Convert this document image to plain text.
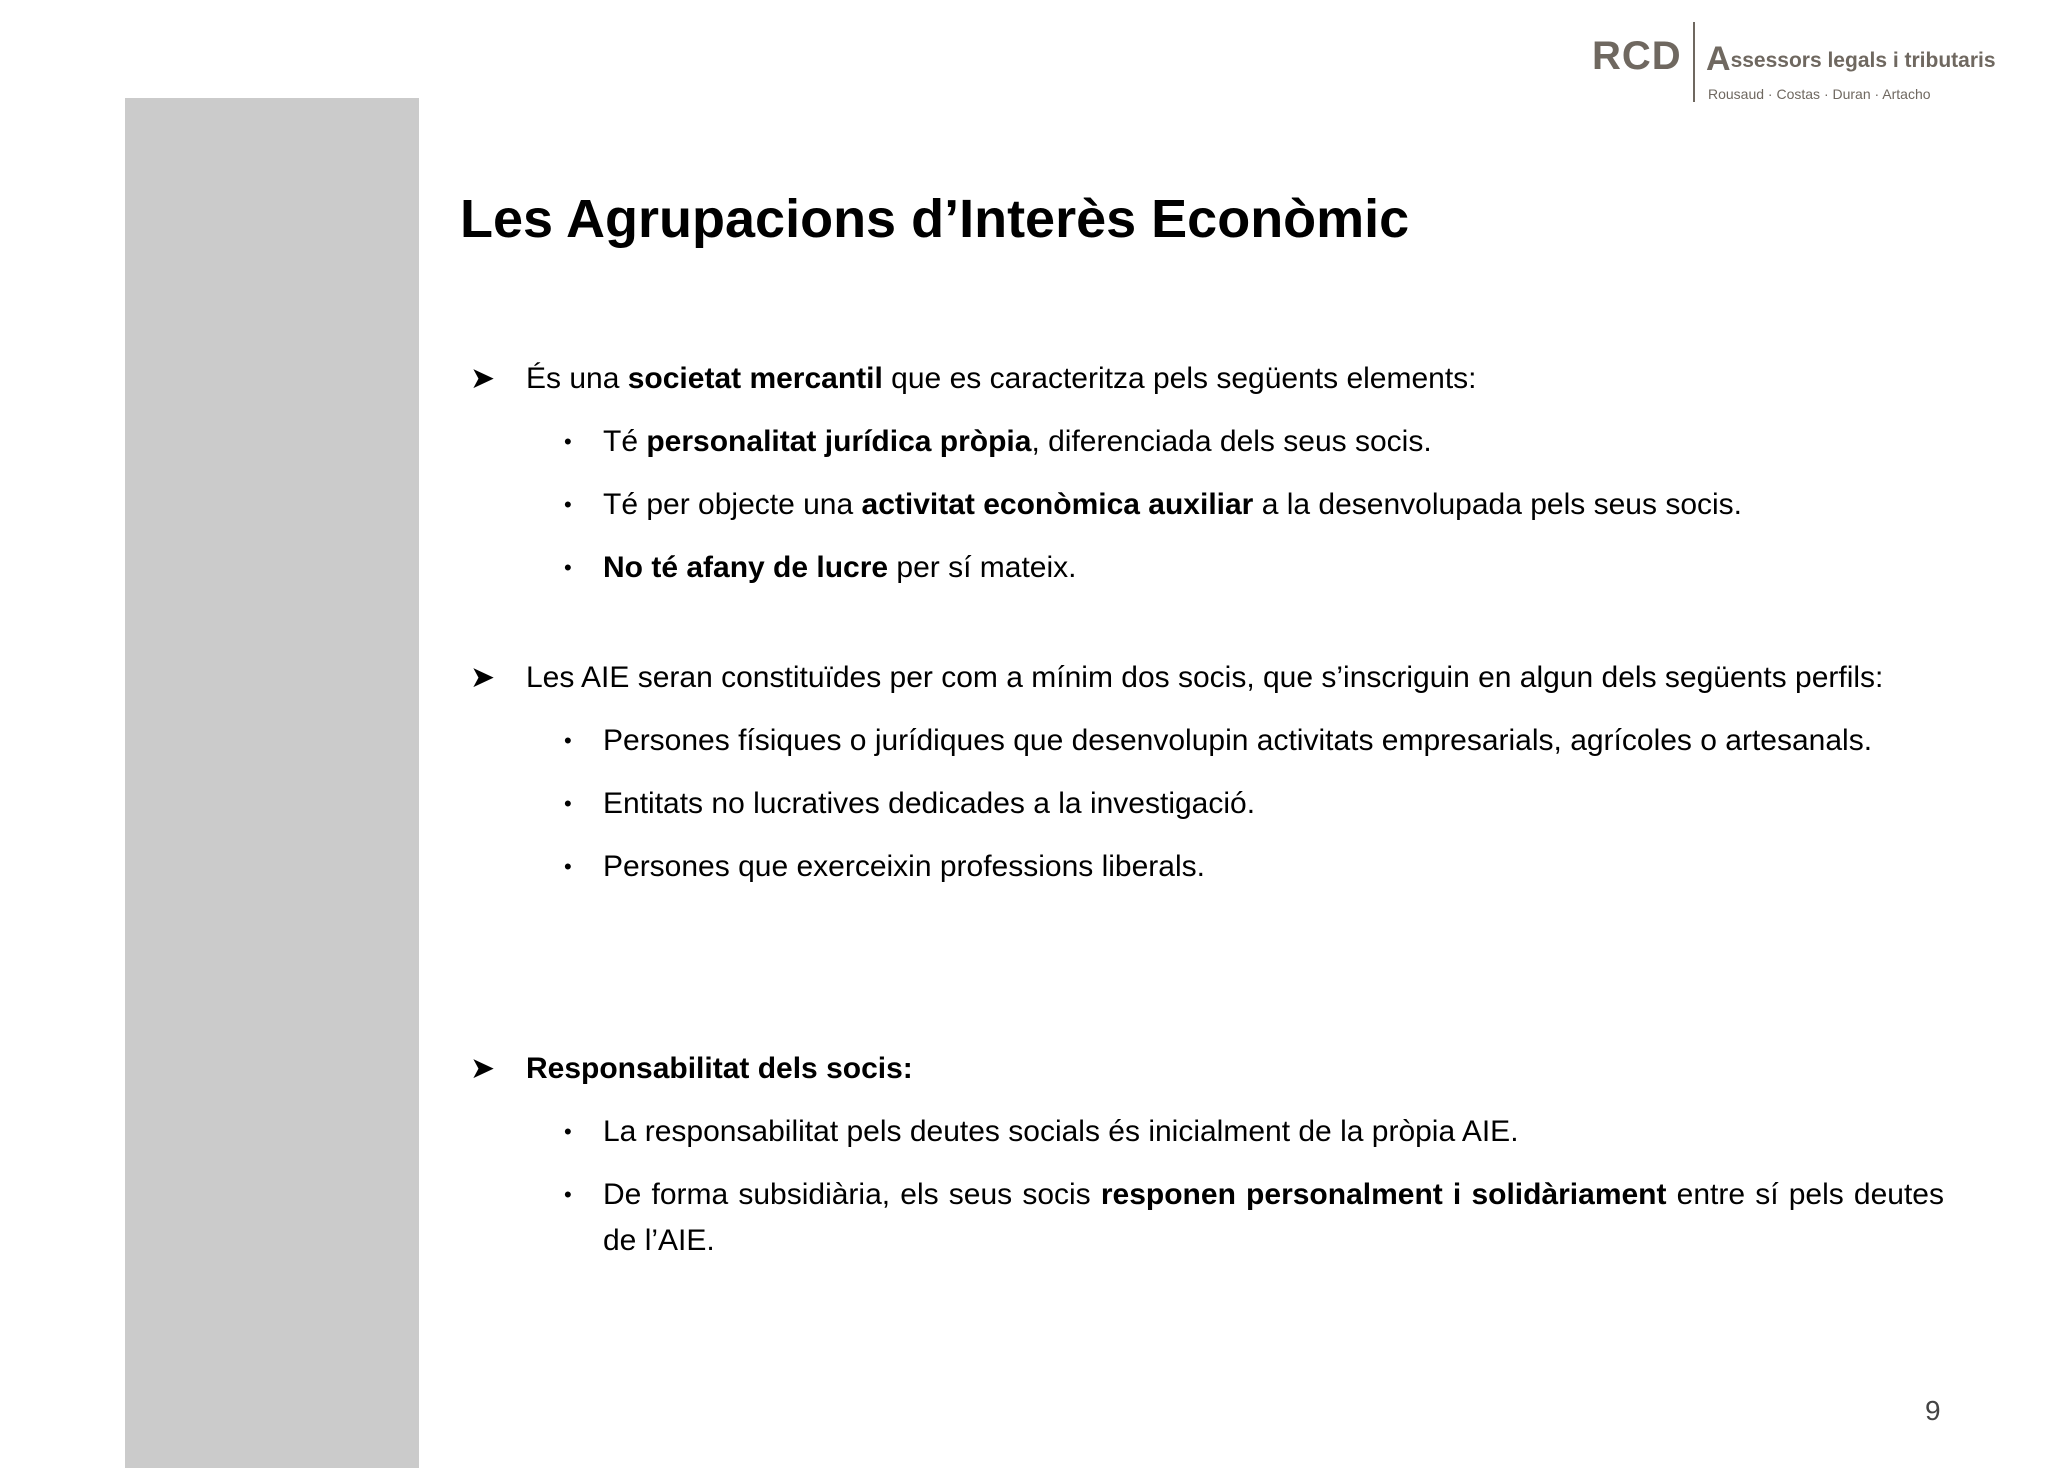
RCD Assessors legals i tributaris
Rousaud · Costas · Duran · Artacho
Les Agrupacions d’Interès Econòmic
➤ És una societat mercantil que es caracteritza pels següents elements:
• Té personalitat jurídica pròpia, diferenciada dels seus socis.
• Té per objecte una activitat econòmica auxiliar a la desenvolupada pels seus socis.
• No té afany de lucre per sí mateix.
➤ Les AIE seran constituïdes per com a mínim dos socis, que s’inscriguin en algun dels següents perfils:
• Persones físiques o jurídiques que desenvolupin activitats empresarials, agrícoles o artesanals.
• Entitats no lucratives dedicades a la investigació.
• Persones que exerceixin professions liberals.
➤ Responsabilitat dels socis:
• La responsabilitat pels deutes socials és inicialment de la pròpia AIE.
• De forma subsidiària, els seus socis responen personalment i solidàriament entre sí pels deutes de l’AIE.
9
